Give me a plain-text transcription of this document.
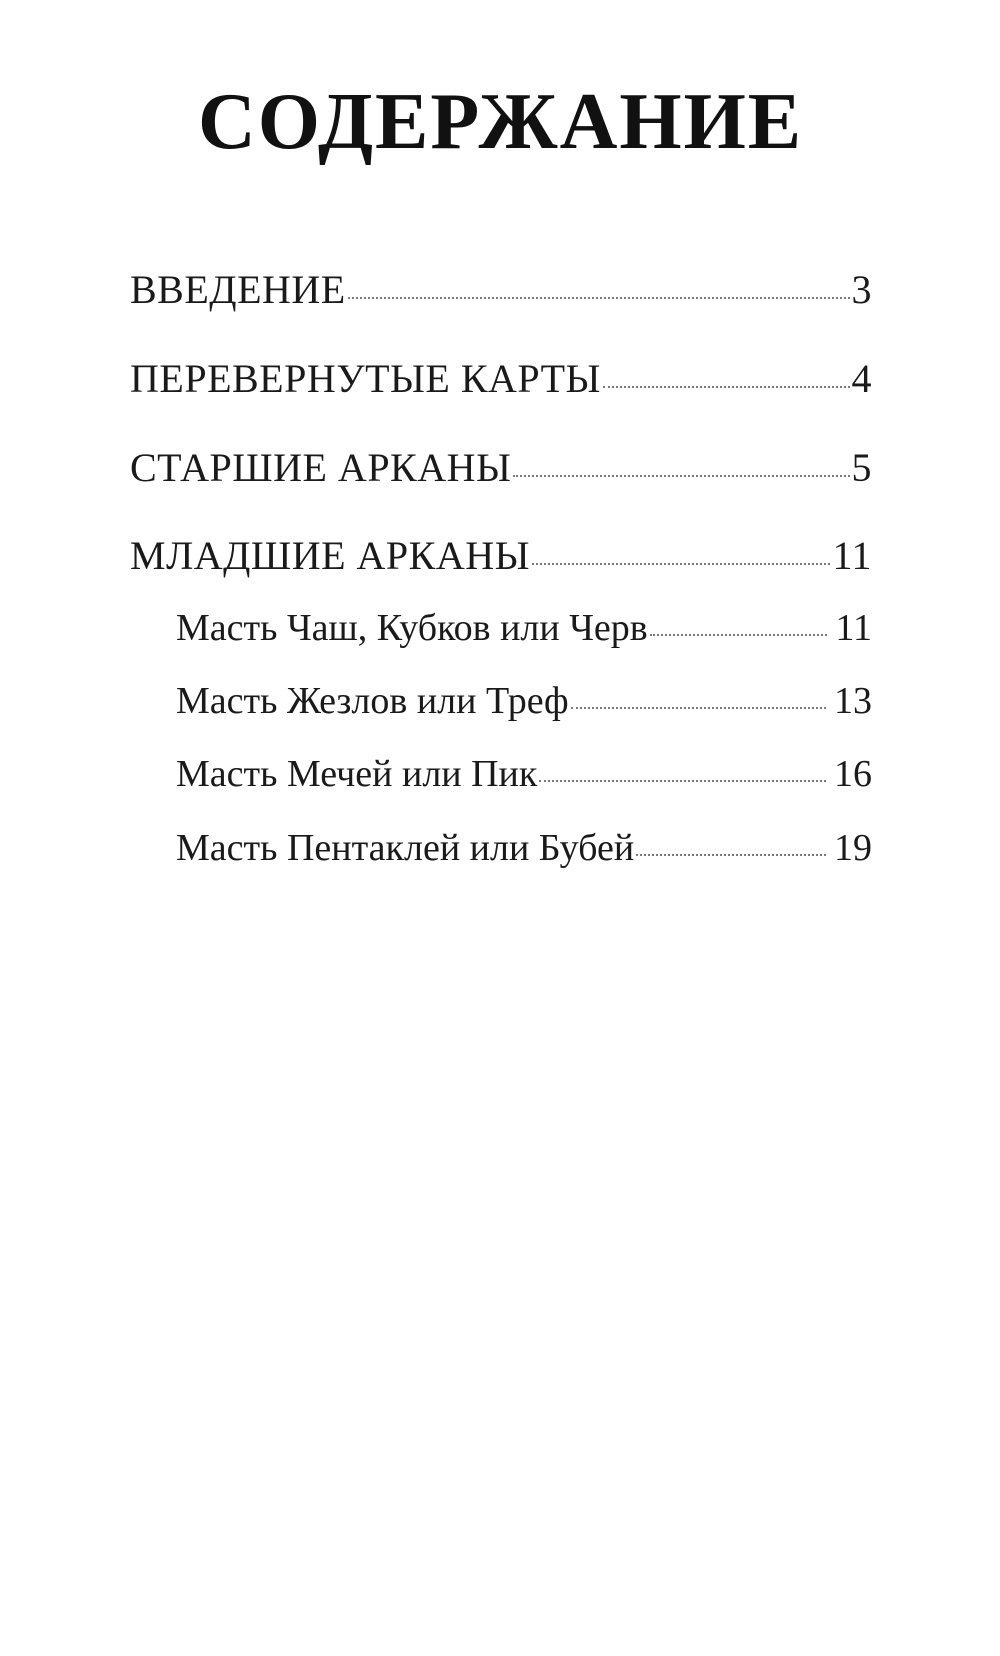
СОДЕРЖАНИЕ
ВВЕДЕНИЕ	3
ПЕРЕВЕРНУТЫЕ КАРТЫ	4
СТАРШИЕ АРКАНЫ	5
МЛАДШИЕ АРКАНЫ	11
Масть Чаш, Кубков или Черв	11
Масть Жезлов или Треф	13
Масть Мечей или Пик	16
Масть Пентаклей или Бубей	19
